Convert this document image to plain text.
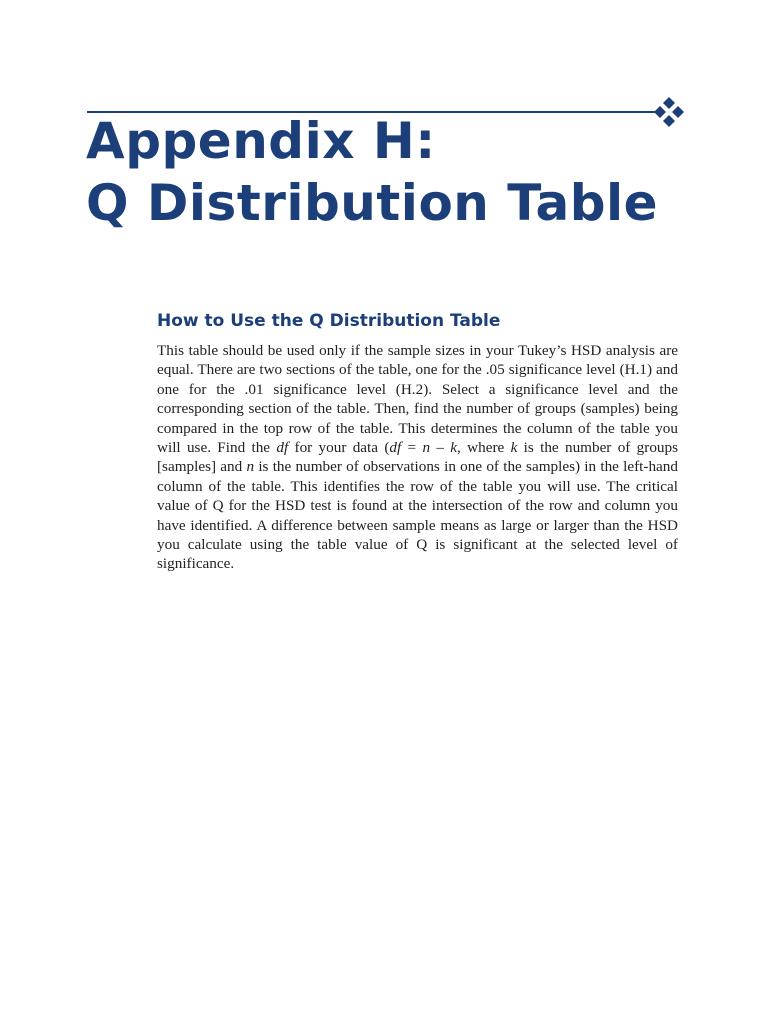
Appendix H:
Q Distribution Table
How to Use the Q Distribution Table

This table should be used only if the sample sizes in your Tukey’s HSD analysis are equal. There are two sections of the table, one for the .05 significance level (H.1) and one for the .01 significance level (H.2). Select a significance level and the corresponding section of the table. Then, find the number of groups (samples) being compared in the top row of the table. This determines the column of the table you will use. Find the df for your data (df = n – k, where k is the number of groups [samples] and n is the number of observations in one of the samples) in the left-hand column of the table. This identifies the row of the table you will use. The critical value of Q for the HSD test is found at the intersection of the row and column you have identified. A difference between sample means as large or larger than the HSD you calculate using the table value of Q is significant at the selected level of significance.
